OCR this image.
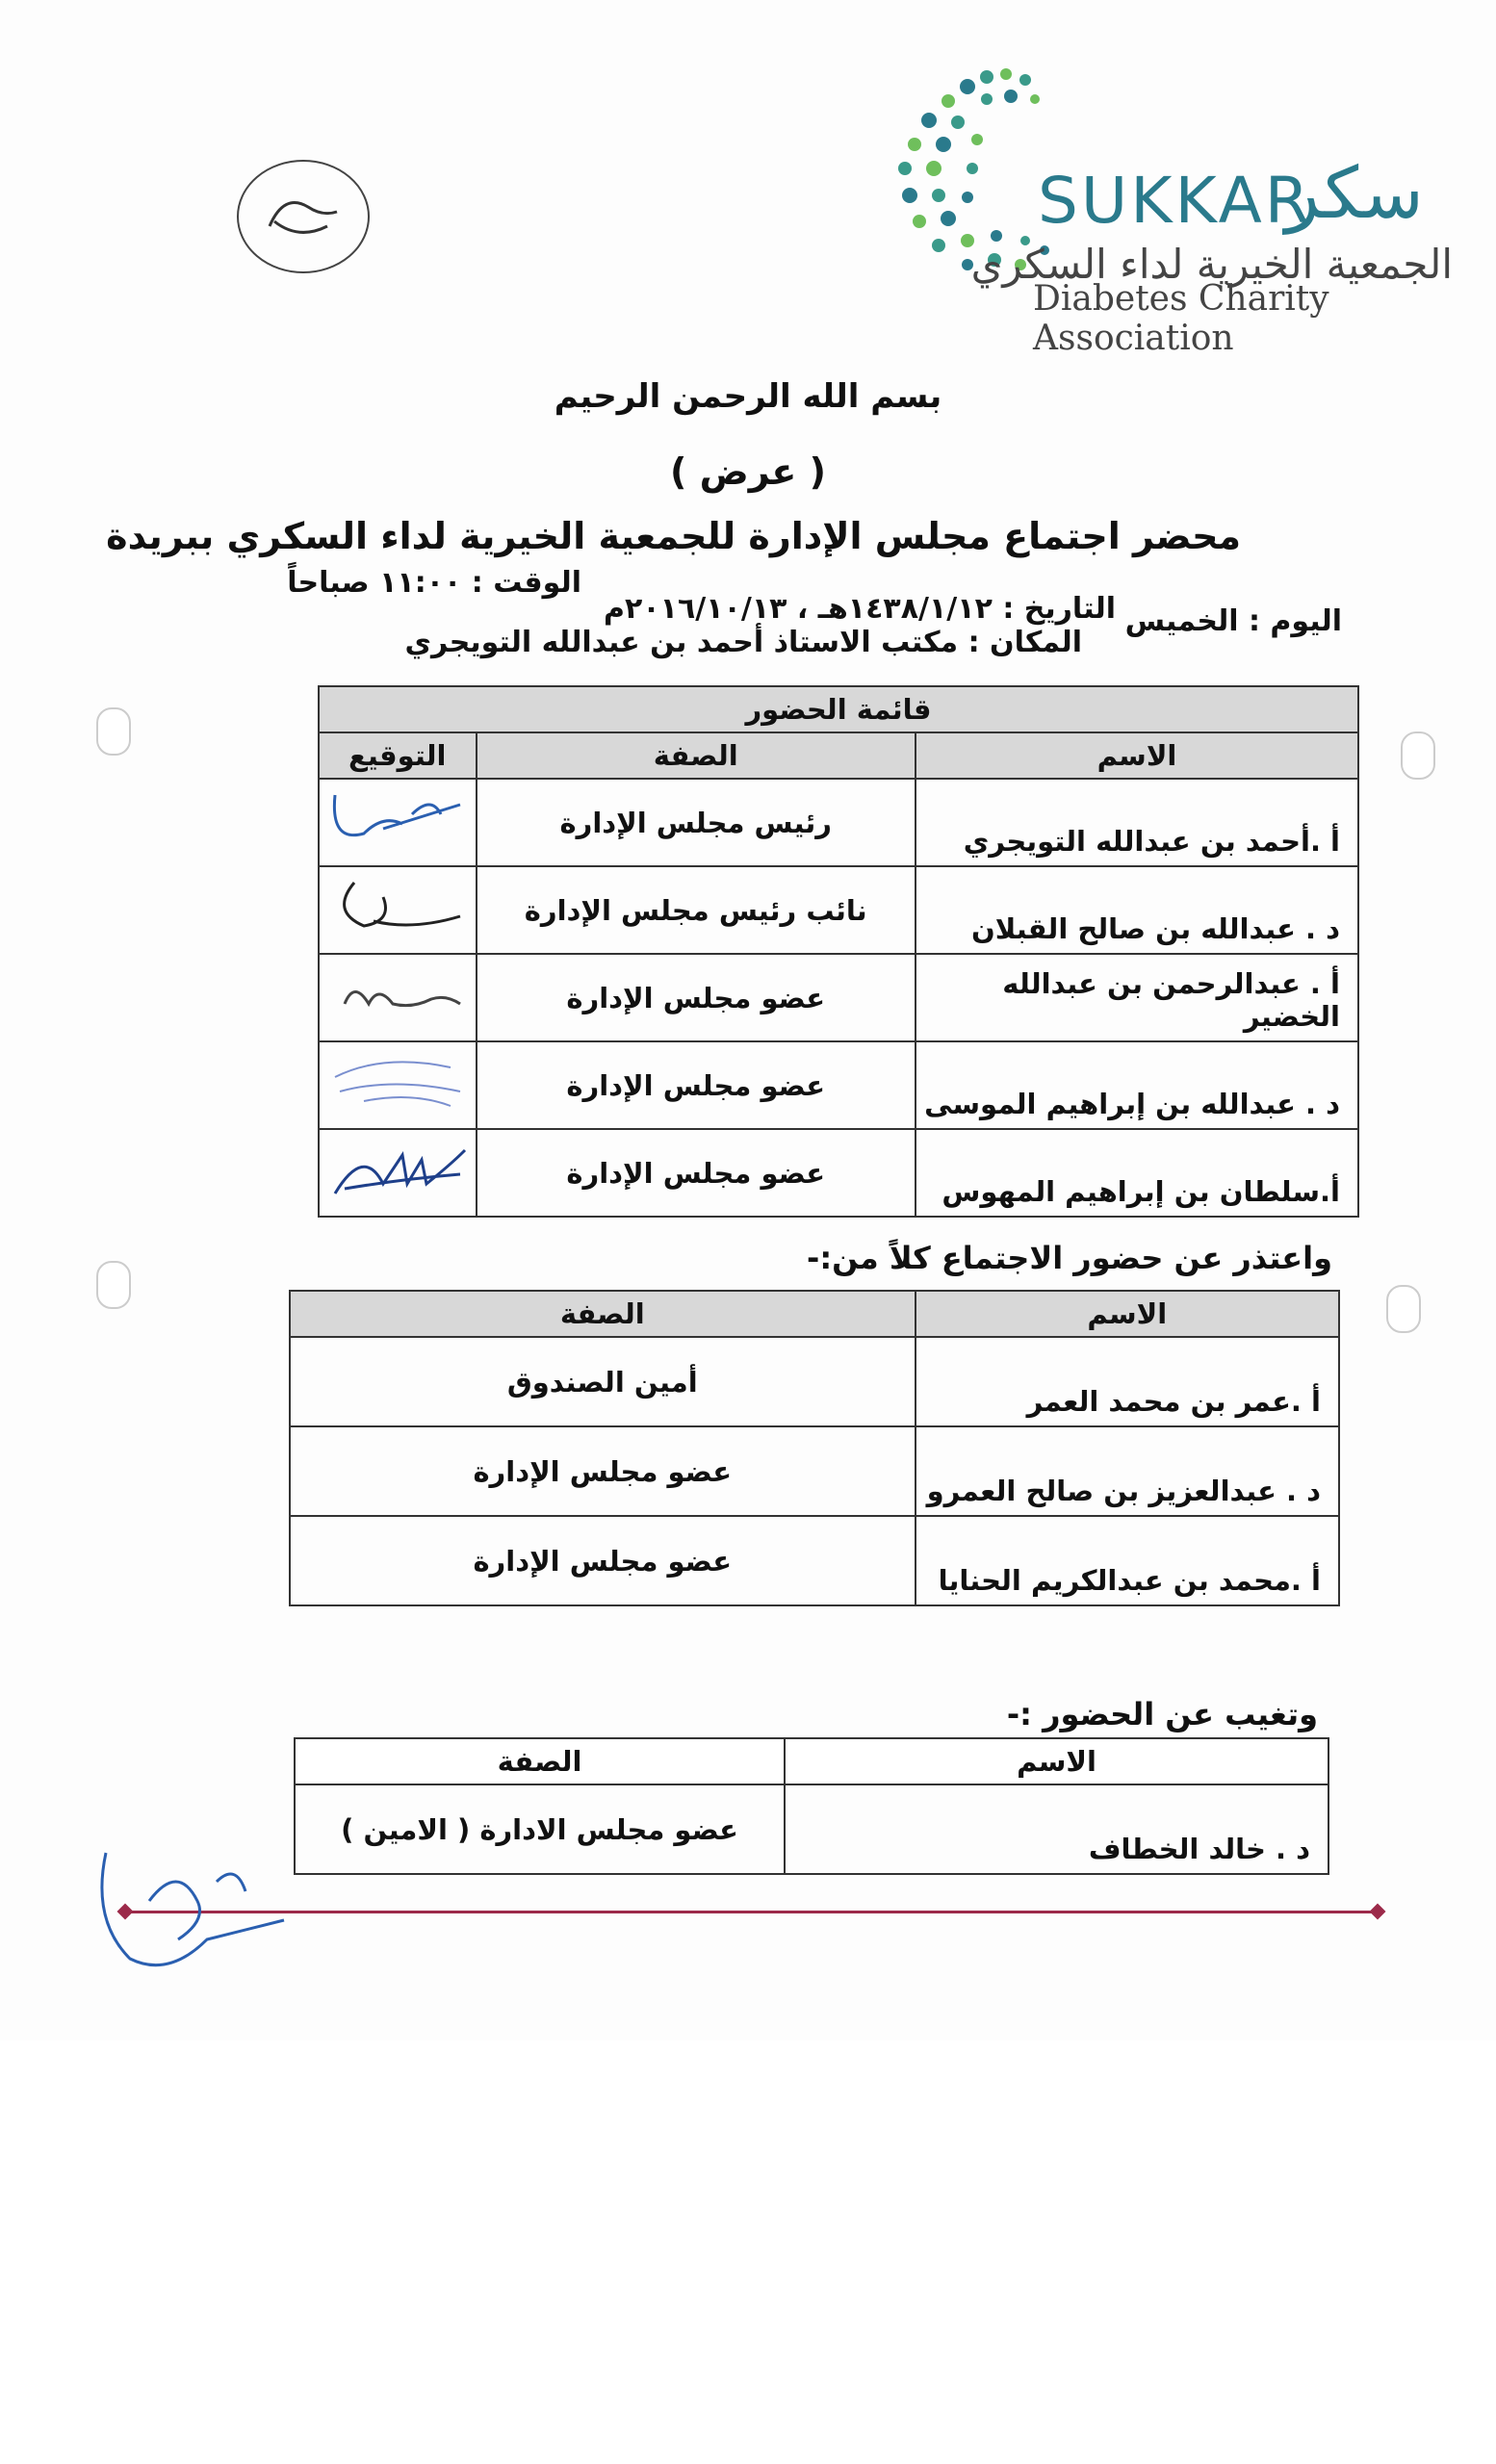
SUKKAR
سكر
الجمعية الخيرية لداء السكري
Diabetes Charity Association
بسم الله الرحمن الرحيم
( عرض )
محضر اجتماع مجلس الإدارة للجمعية الخيرية لداء السكري ببريدة
اليوم : الخميس
التاريخ : ١٤٣٨/١/١٢هـ ، ٢٠١٦/١٠/١٣م
الوقت : ١١:٠٠ صباحاً
المكان : مكتب الاستاذ أحمد بن عبدالله التويجري
قائمة الحضور		
الاسم	الصفة	التوقيع
أ .أحمد بن عبدالله التويجري	رئيس مجلس الإدارة	
د . عبدالله بن صالح القبلان	نائب رئيس مجلس الإدارة	
أ . عبدالرحمن بن عبدالله الخضير	عضو مجلس الإدارة	
د . عبدالله بن إبراهيم الموسى	عضو مجلس الإدارة	
أ.سلطان بن إبراهيم المهوس	عضو مجلس الإدارة	
واعتذر عن حضور الاجتماع كلاً من:-
الاسم	الصفة
أ .عمر بن محمد العمر	أمين الصندوق
د . عبدالعزيز بن صالح العمرو	عضو مجلس الإدارة
أ .محمد بن عبدالكريم الحنايا	عضو مجلس الإدارة
وتغيب عن الحضور :-
الاسم	الصفة
د . خالد الخطاف	عضو مجلس الادارة ( الامين )
